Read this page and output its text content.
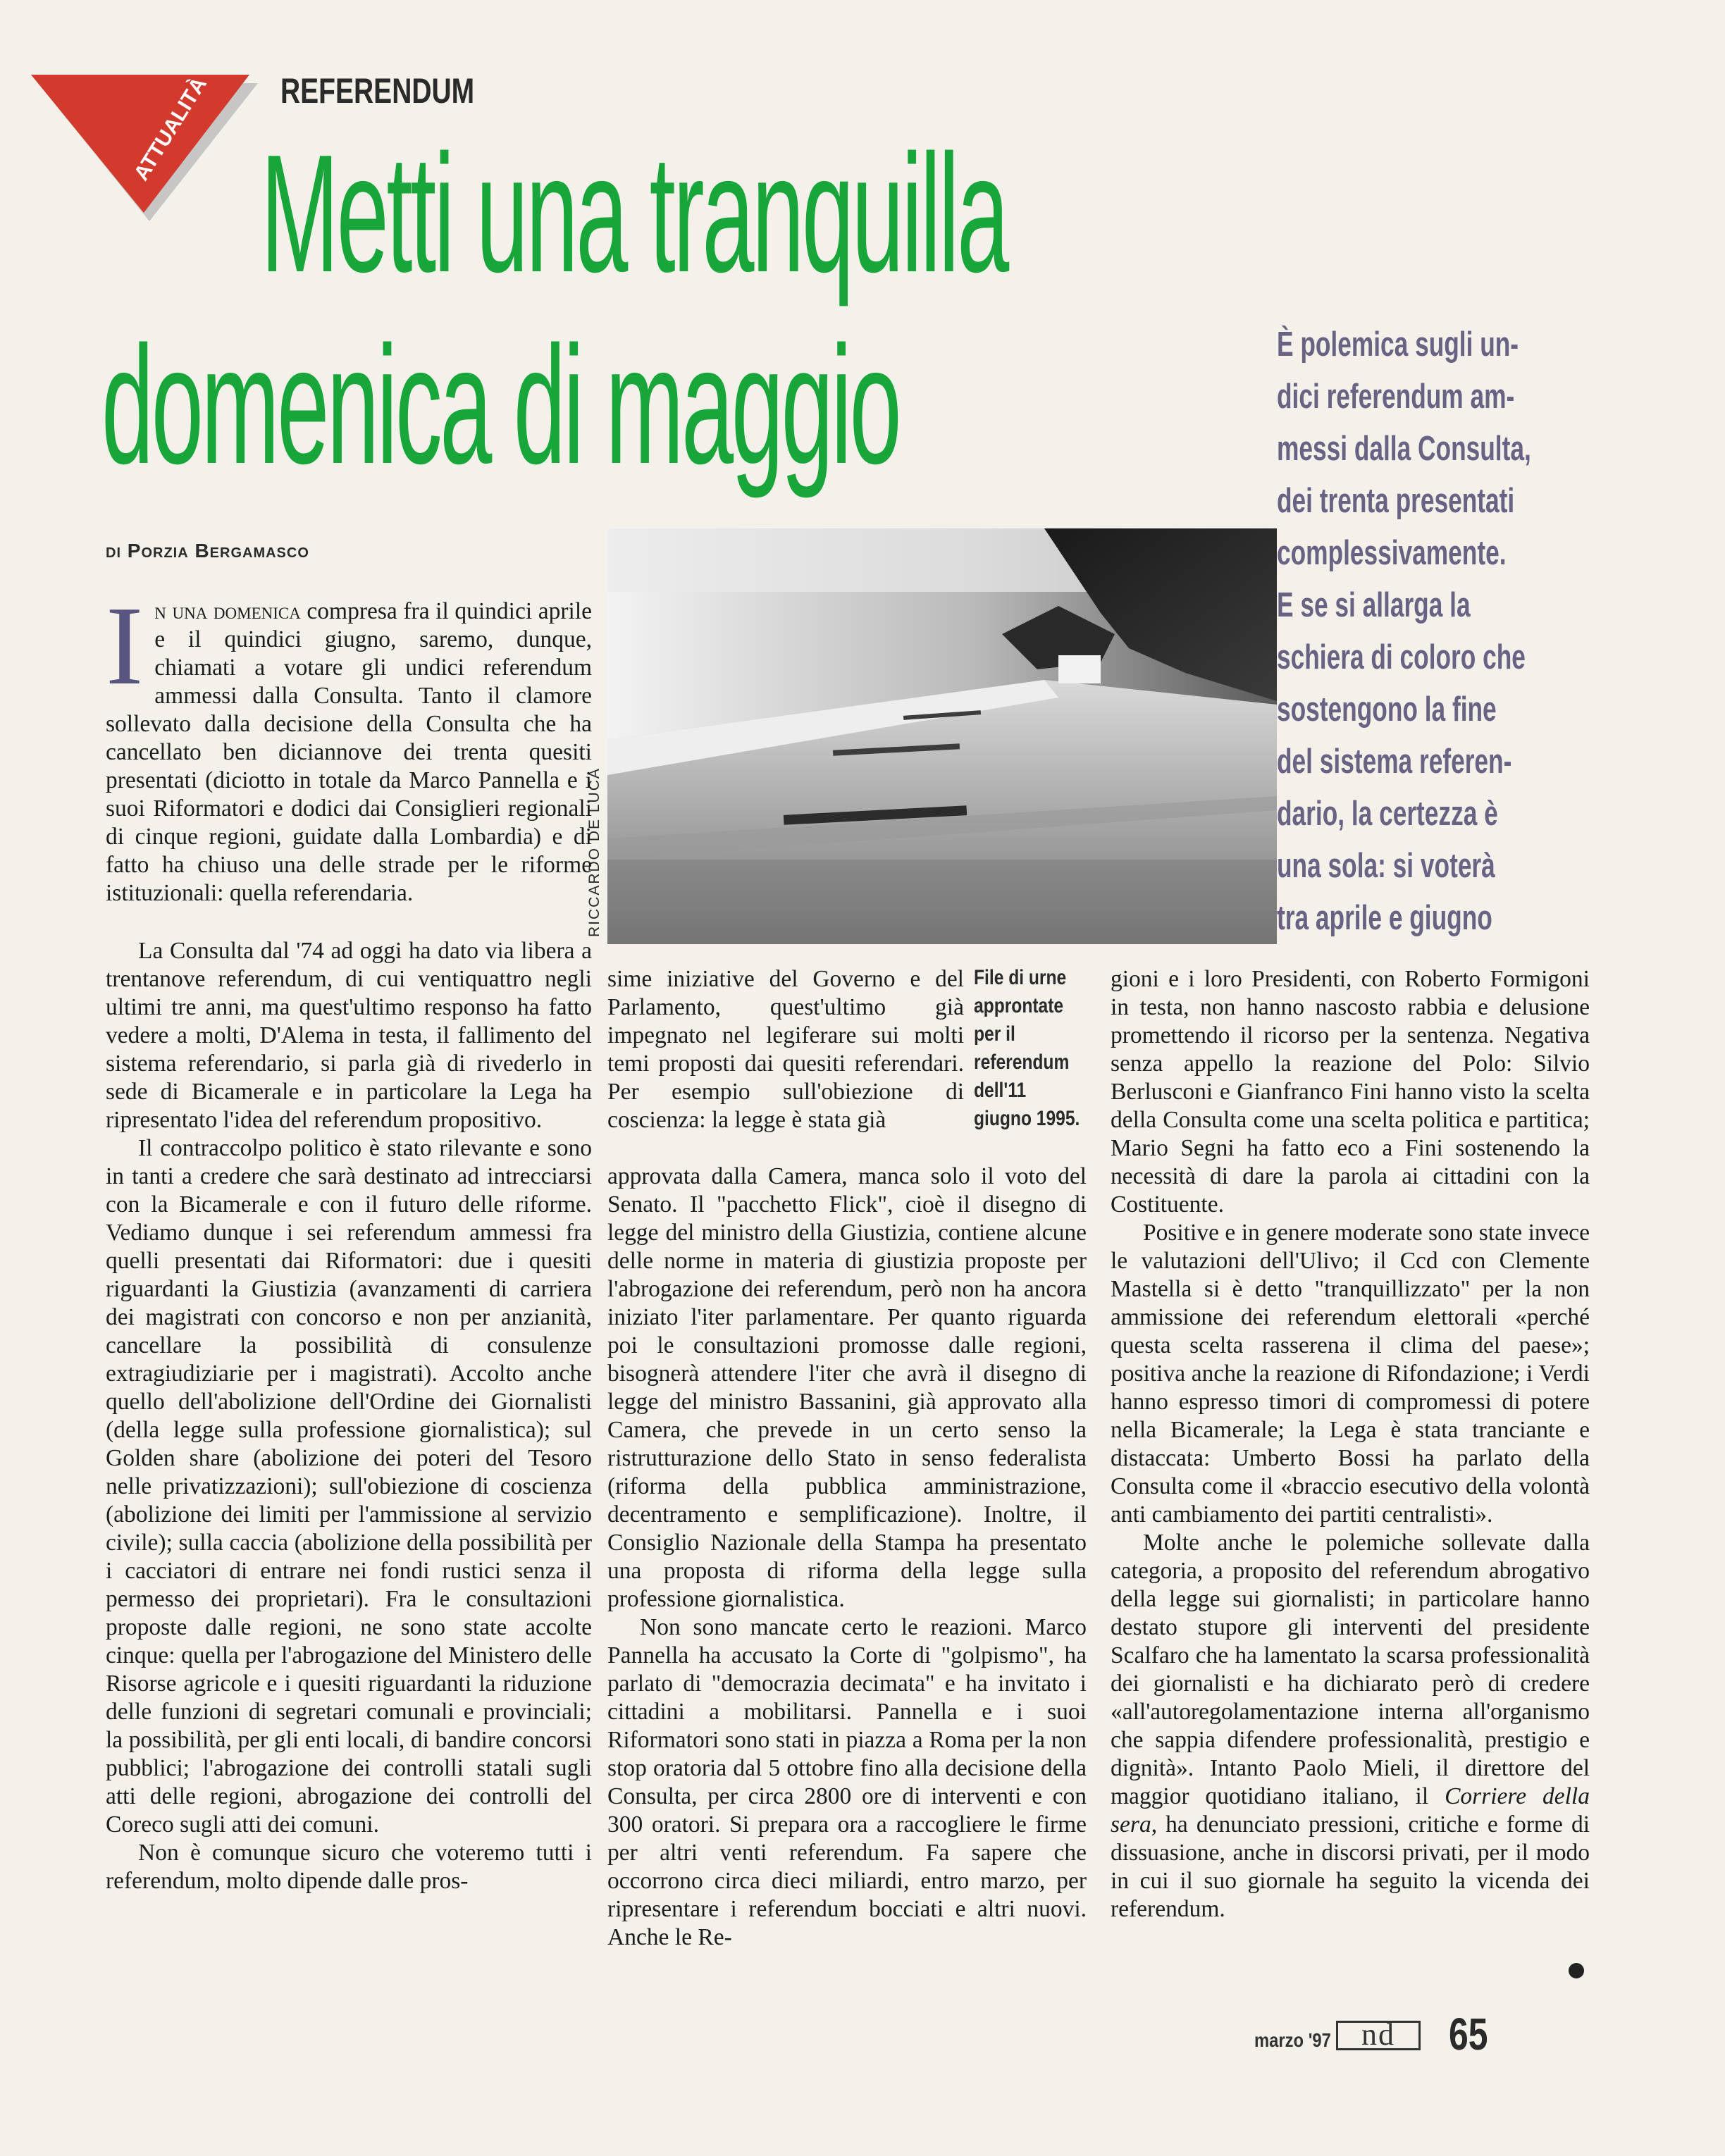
ATTUALITÀ REFERENDUM
Metti una tranquilla
domenica di maggio	È polemica sugli un-
dici referendum am-
messi dalla Consulta,
dei trenta presentati
complessivamente.
E se si allarga la
schiera di coloro che
sostengono la fine
del sistema referen-
dario, la certezza è
una sola: si voterà
tra aprile e giugno
di Porzia Bergamasco
RICCARDO DE LUCA
In una domenica compresa fra il quindici aprile e il quindici giugno, saremo, dunque, chiamati a votare gli undici referendum ammessi dalla Consulta. Tanto il clamore sollevato dalla decisione della Consulta che ha cancellato ben diciannove dei trenta quesiti presentati (diciotto in totale da Marco Pannella e i suoi Riformatori e dodici dai Consiglieri regionali di cinque regioni, guidate dalla Lombardia) e di fatto ha chiuso una delle strade per le riforme istituzionali: quella referendaria.

La Consulta dal '74 ad oggi ha dato via libera a trentanove referendum, di cui ventiquattro negli ultimi tre anni, ma quest'ultimo responso ha fatto vedere a molti, D'Alema in testa, il fallimento del sistema referendario, si parla già di rivederlo in sede di Bicamerale e in particolare la Lega ha ripresentato l'idea del referendum propositivo.

Il contraccolpo politico è stato rilevante e sono in tanti a credere che sarà destinato ad intrecciarsi con la Bicamerale e con il futuro delle riforme. Vediamo dunque i sei referendum ammessi fra quelli presentati dai Riformatori: due i quesiti riguardanti la Giustizia (avanzamenti di carriera dei magistrati con concorso e non per anzianità, cancellare la possibilità di consulenze extragiudiziarie per i magistrati). Accolto anche quello dell'abolizione dell'Ordine dei Giornalisti (della legge sulla professione giornalistica); sul Golden share (abolizione dei poteri del Tesoro nelle privatizzazioni); sull'obiezione di coscienza (abolizione dei limiti per l'ammissione al servizio civile); sulla caccia (abolizione della possibilità per i cacciatori di entrare nei fondi rustici senza il permesso dei proprietari). Fra le consultazioni proposte dalle regioni, ne sono state accolte cinque: quella per l'abrogazione del Ministero delle Risorse agricole e i quesiti riguardanti la riduzione delle funzioni di segretari comunali e provinciali; la possibilità, per gli enti locali, di bandire concorsi pubblici; l'abrogazione dei controlli statali sugli atti delle regioni, abrogazione dei controlli del Coreco sugli atti dei comuni.

Non è comunque sicuro che voteremo tutti i referendum, molto dipende dalle pros-

sime iniziative del Governo e del Parlamento, quest'ultimo già impegnato nel legiferare sui molti temi proposti dai quesiti referendari. Per esempio sull'obiezione di coscienza: la legge è stata già

File di urne
approntate
per il
referendum
dell'11
giugno 1995.

approvata dalla Camera, manca solo il voto del Senato. Il "pacchetto Flick", cioè il disegno di legge del ministro della Giustizia, contiene alcune delle norme in materia di giustizia proposte per l'abrogazione dei referendum, però non ha ancora iniziato l'iter parlamentare. Per quanto riguarda poi le consultazioni promosse dalle regioni, bisognerà attendere l'iter che avrà il disegno di legge del ministro Bassanini, già approvato alla Camera, che prevede in un certo senso la ristrutturazione dello Stato in senso federalista (riforma della pubblica amministrazione, decentramento e semplificazione). Inoltre, il Consiglio Nazionale della Stampa ha presentato una proposta di riforma della legge sulla professione giornalistica.

Non sono mancate certo le reazioni. Marco Pannella ha accusato la Corte di "golpismo", ha parlato di "democrazia decimata" e ha invitato i cittadini a mobilitarsi. Pannella e i suoi Riformatori sono stati in piazza a Roma per la non stop oratoria dal 5 ottobre fino alla decisione della Consulta, per circa 2800 ore di interventi e con 300 oratori. Si prepara ora a raccogliere le firme per altri venti referendum. Fa sapere che occorrono circa dieci miliardi, entro marzo, per ripresentare i referendum bocciati e altri nuovi. Anche le Re-

gioni e i loro Presidenti, con Roberto Formigoni in testa, non hanno nascosto rabbia e delusione promettendo il ricorso per la sentenza. Negativa senza appello la reazione del Polo: Silvio Berlusconi e Gianfranco Fini hanno visto la scelta della Consulta come una scelta politica e partitica; Mario Segni ha fatto eco a Fini sostenendo la necessità di dare la parola ai cittadini con la Costituente.

Positive e in genere moderate sono state invece le valutazioni dell'Ulivo; il Ccd con Clemente Mastella si è detto "tranquillizzato" per la non ammissione dei referendum elettorali «perché questa scelta rasserena il clima del paese»; positiva anche la reazione di Rifondazione; i Verdi hanno espresso timori di compromessi di potere nella Bicamerale; la Lega è stata tranciante e distaccata: Umberto Bossi ha parlato della Consulta come il «braccio esecutivo della volontà anti cambiamento dei partiti centralisti».

Molte anche le polemiche sollevate dalla categoria, a proposito del referendum abrogativo della legge sui giornalisti; in particolare hanno destato stupore gli interventi del presidente Scalfaro che ha lamentato la scarsa professionalità dei giornalisti e ha dichiarato però di credere «all'autoregolamentazione interna all'organismo che sappia difendere professionalità, prestigio e dignità». Intanto Paolo Mieli, il direttore del maggior quotidiano italiano, il Corriere della sera, ha denunciato pressioni, critiche e forme di dissuasione, anche in discorsi privati, per il modo in cui il suo giornale ha seguito la vicenda dei referendum.

marzo '97 nd	65
